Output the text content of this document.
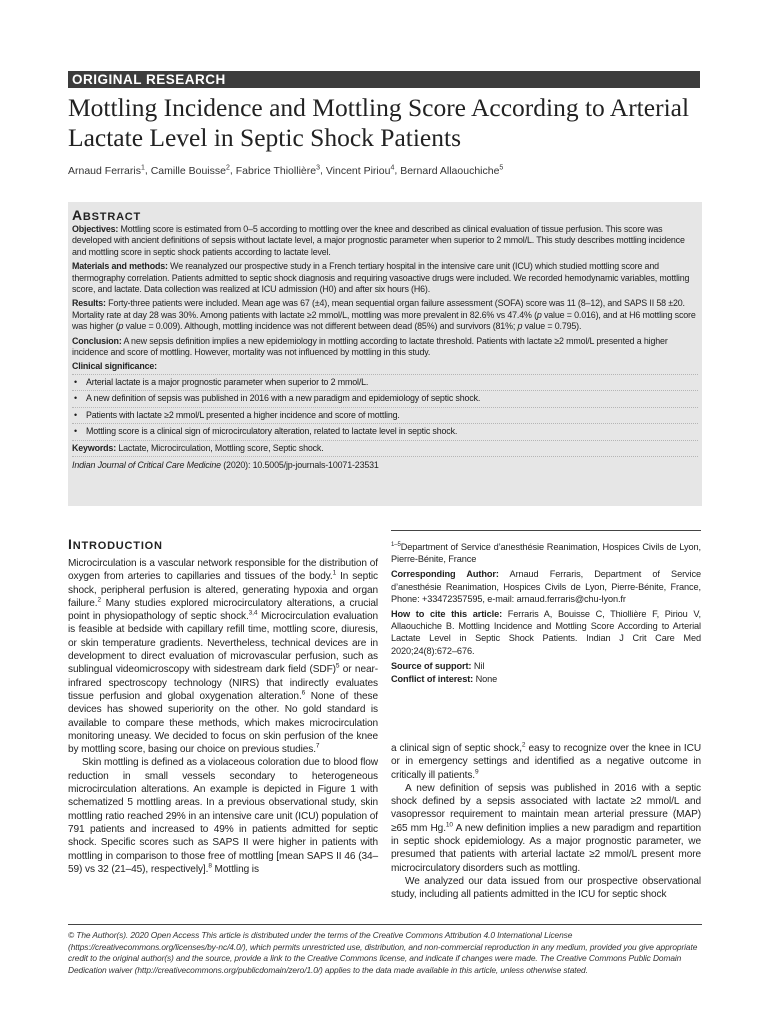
ORIGINAL RESEARCH
Mottling Incidence and Mottling Score According to Arterial Lactate Level in Septic Shock Patients
Arnaud Ferraris$^1$, Camille Bouisse$^2$, Fabrice Thiollière$^3$, Vincent Piriou$^4$, Bernard Allaouchiche$^5$
ABSTRACT

Objectives: Mottling score is estimated from 0–5 according to mottling over the knee and described as clinical evaluation of tissue perfusion. This score was developed with ancient definitions of sepsis without lactate level, a major prognostic parameter when superior to 2 mmol/L. This study describes mottling incidence and mottling score in septic shock patients according to lactate level.

Materials and methods: We reanalyzed our prospective study in a French tertiary hospital in the intensive care unit (ICU) which studied mottling score and thermography correlation. Patients admitted to septic shock diagnosis and requiring vasoactive drugs were included. We recorded hemodynamic variables, mottling score, and lactate. Data collection was realized at ICU admission (H0) and after six hours (H6).

Results: Forty-three patients were included. Mean age was 67 (±4), mean sequential organ failure assessment (SOFA) score was 11 (8–12), and SAPS II 58 ±20. Mortality rate at day 28 was 30%. Among patients with lactate ≥2 mmol/L, mottling was more prevalent in 82.6% vs 47.4% (p value = 0.016), and at H6 mottling score was higher (p value = 0.009). Although, mottling incidence was not different between dead (85%) and survivors (81%; p value = 0.795).

Conclusion: A new sepsis definition implies a new epidemiology in mottling according to lactate threshold. Patients with lactate ≥2 mmol/L presented a higher incidence and score of mottling. However, mortality was not influenced by mottling in this study.

Clinical significance:

• Arterial lactate is a major prognostic parameter when superior to 2 mmol/L.
• A new definition of sepsis was published in 2016 with a new paradigm and epidemiology of septic shock.
• Patients with lactate ≥2 mmol/L presented a higher incidence and score of mottling.
• Mottling score is a clinical sign of microcirculatory alteration, related to lactate level in septic shock.

Keywords: Lactate, Microcirculation, Mottling score, Septic shock.

Indian Journal of Critical Care Medicine (2020): 10.5005/jp-journals-10071-23531

INTRODUCTION

Microcirculation is a vascular network responsible for the distribution of oxygen from arteries to capillaries and tissues of the body.$^1$ In septic shock, peripheral perfusion is altered, generating hypoxia and organ failure.$^2$ Many studies explored microcirculatory alterations, a crucial point in physiopathology of septic shock.$^{3,4}$ Microcirculation evaluation is feasible at bedside with capillary refill time, mottling score, diuresis, or skin temperature gradients. Nevertheless, technical devices are in development to direct evaluation of microvascular perfusion, such as sublingual videomicroscopy with sidestream dark field (SDF)$^5$ or near-infrared spectroscopy technology (NIRS) that indirectly evaluates tissue perfusion and global oxygenation alteration.$^6$ None of these devices has showed superiority on the other. No gold standard is available to compare these methods, which makes microcirculation monitoring uneasy. We decided to focus on skin perfusion of the knee by mottling score, basing our choice on previous studies.$^7$

Skin mottling is defined as a violaceous coloration due to blood flow reduction in small vessels secondary to heterogeneous microcirculation alterations. An example is depicted in Figure 1 with schematized 5 mottling areas. In a previous observational study, skin mottling ratio reached 29% in an intensive care unit (ICU) population of 791 patients and increased to 49% in patients admitted for septic shock. Specific scores such as SAPS II were higher in patients with mottling in comparison to those free of mottling [mean SAPS II 46 (34–59) vs 32 (21–45), respectively].$^8$ Mottling is

$^{1-5}$Department of Service d’anesthésie Reanimation, Hospices Civils de Lyon, Pierre-Bénite, France

Corresponding Author: Arnaud Ferraris, Department of Service d’anesthésie Reanimation, Hospices Civils de Lyon, Pierre-Bénite, France, Phone: +33472357595, e-mail: arnaud.ferraris@chu-lyon.fr

How to cite this article: Ferraris A, Bouisse C, Thiollière F, Piriou V, Allaouchiche B. Mottling Incidence and Mottling Score According to Arterial Lactate Level in Septic Shock Patients. Indian J Crit Care Med 2020;24(8):672–676.

Source of support: Nil

Conflict of interest: None

a clinical sign of septic shock,$^2$ easy to recognize over the knee in ICU or in emergency settings and identified as a negative outcome in critically ill patients.$^9$

A new definition of sepsis was published in 2016 with a septic shock defined by a sepsis associated with lactate ≥2 mmol/L and vasopressor requirement to maintain mean arterial pressure (MAP) ≥65 mm Hg.$^{10}$ A new definition implies a new paradigm and repartition in septic shock epidemiology. As a major prognostic parameter, we presumed that patients with arterial lactate ≥2 mmol/L present more microcirculatory disorders such as mottling.

We analyzed our data issued from our prospective observational study, including all patients admitted in the ICU for septic shock

© The Author(s). 2020 Open Access This article is distributed under the terms of the Creative Commons Attribution 4.0 International License (https://creativecommons.org/licenses/by-nc/4.0/), which permits unrestricted use, distribution, and non-commercial reproduction in any medium, provided you give appropriate credit to the original author(s) and the source, provide a link to the Creative Commons license, and indicate if changes were made. The Creative Commons Public Domain Dedication waiver (http://creativecommons.org/publicdomain/zero/1.0/) applies to the data made available in this article, unless otherwise stated.
